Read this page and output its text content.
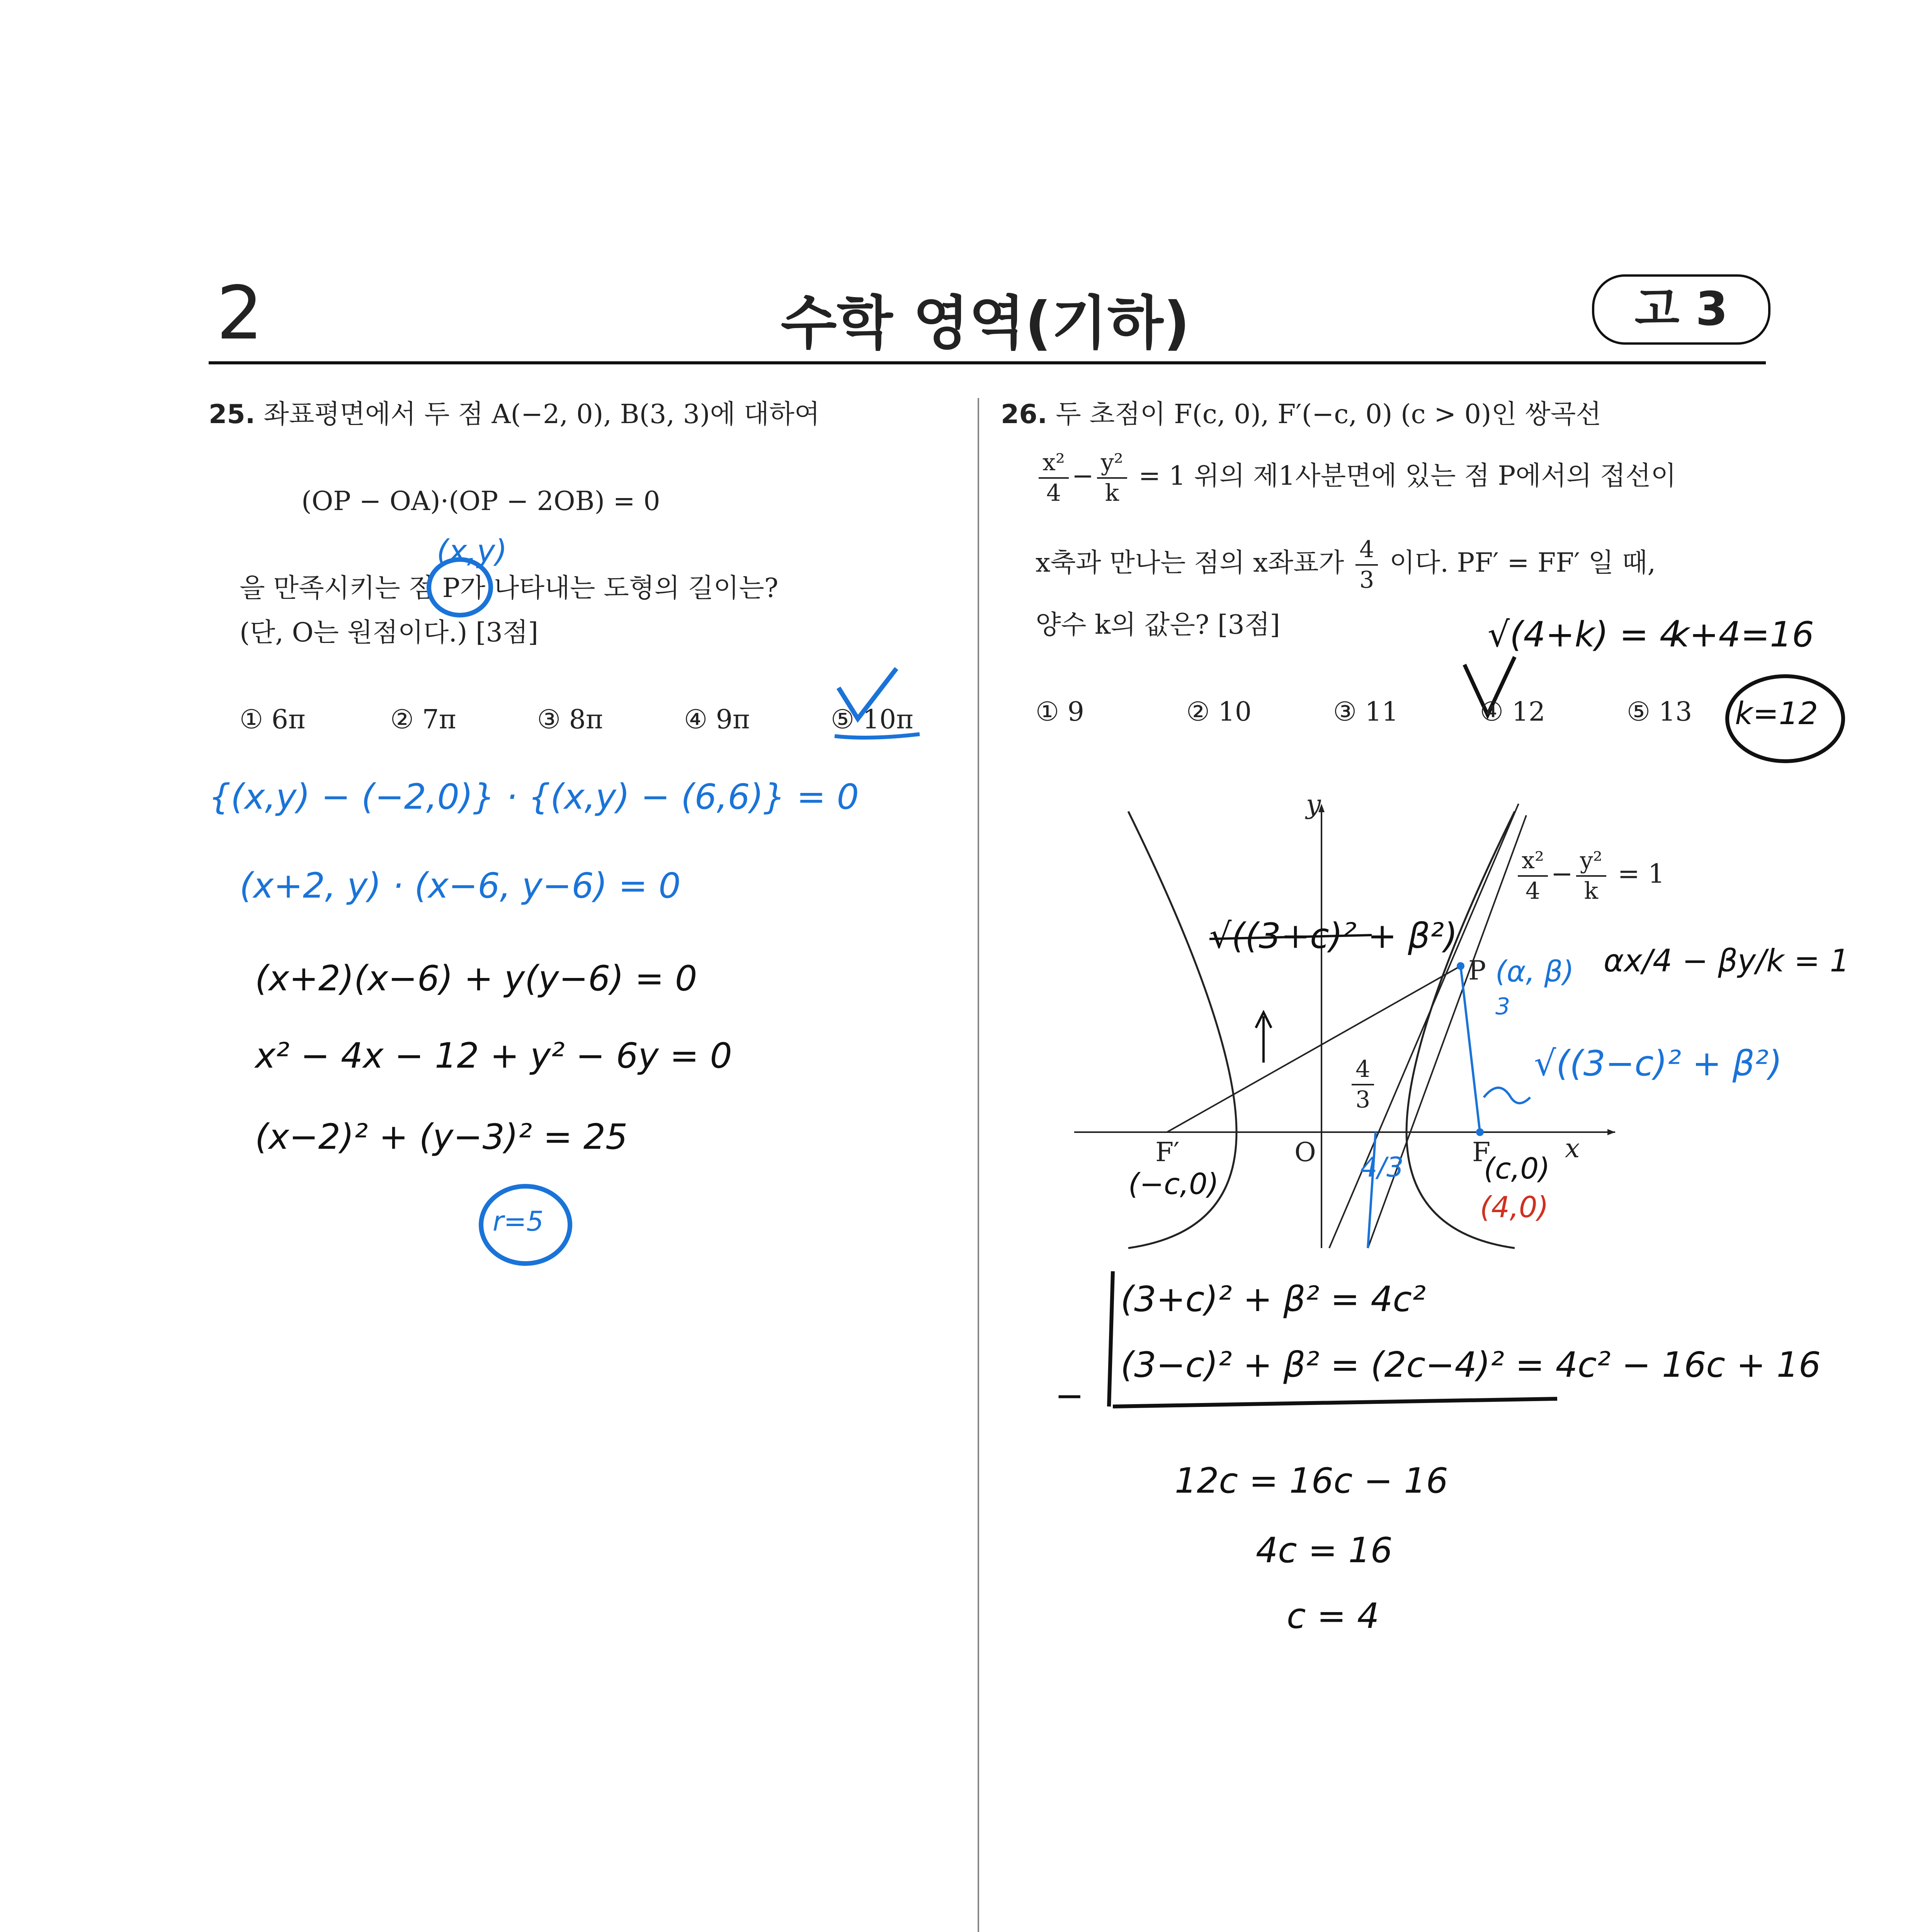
2	수학 영역(기하)	고 3
25. 좌표평면에서 두 점 A(−2, 0), B(3, 3)에 대하여
(OP − OA)·(OP − 2OB) = 0
을 만족시키는 점 P가 나타내는 도형의 길이는?
(단, O는 원점이다.) [3점]
① 6π	② 7π	③ 8π	④ 9π	⑤ 10π
(x,y)
{(x,y) − (−2,0)} · {(x,y) − (6,6)} = 0
(x+2, y) · (x−6, y−6) = 0
(x+2)(x−6) + y(y−6) = 0
x² − 4x − 12 + y² − 6y = 0
(x−2)² + (y−3)² = 25
r=5
26. 두 초점이 F(c, 0), F′(−c, 0) (c > 0)인 쌍곡선
$\frac{\text{x²}}{4} - \frac{\text{y²}}{k} = 1$ 위의 제1사분면에 있는 점 P에서의 접선이
x축과 만나는 점의 x좌표가 $\frac{4}{3}$ 이다. PF′ = FF′ 일 때,
양수 k의 값은? [3점]
① 9	② 10	③ 11	④ 12	⑤ 13
√(4+k) = 4
k+4=16
k=12
y
x
O	F
F′
P
$\frac{4}{3}$
$\frac{\text{x²}}{4} - \frac{\text{y²}}{k} = 1$
√((3+c)² + β²)
(α, β)
3
αx/4 − βy/k = 1
√((3−c)² + β²)
(−c,0)	4/3	(c,0)
(4,0)
(3+c)² + β² = 4c²
(3−c)² + β² = (2c−4)² = 4c² − 16c + 16
−
12c = 16c − 16
4c = 16
c = 4
